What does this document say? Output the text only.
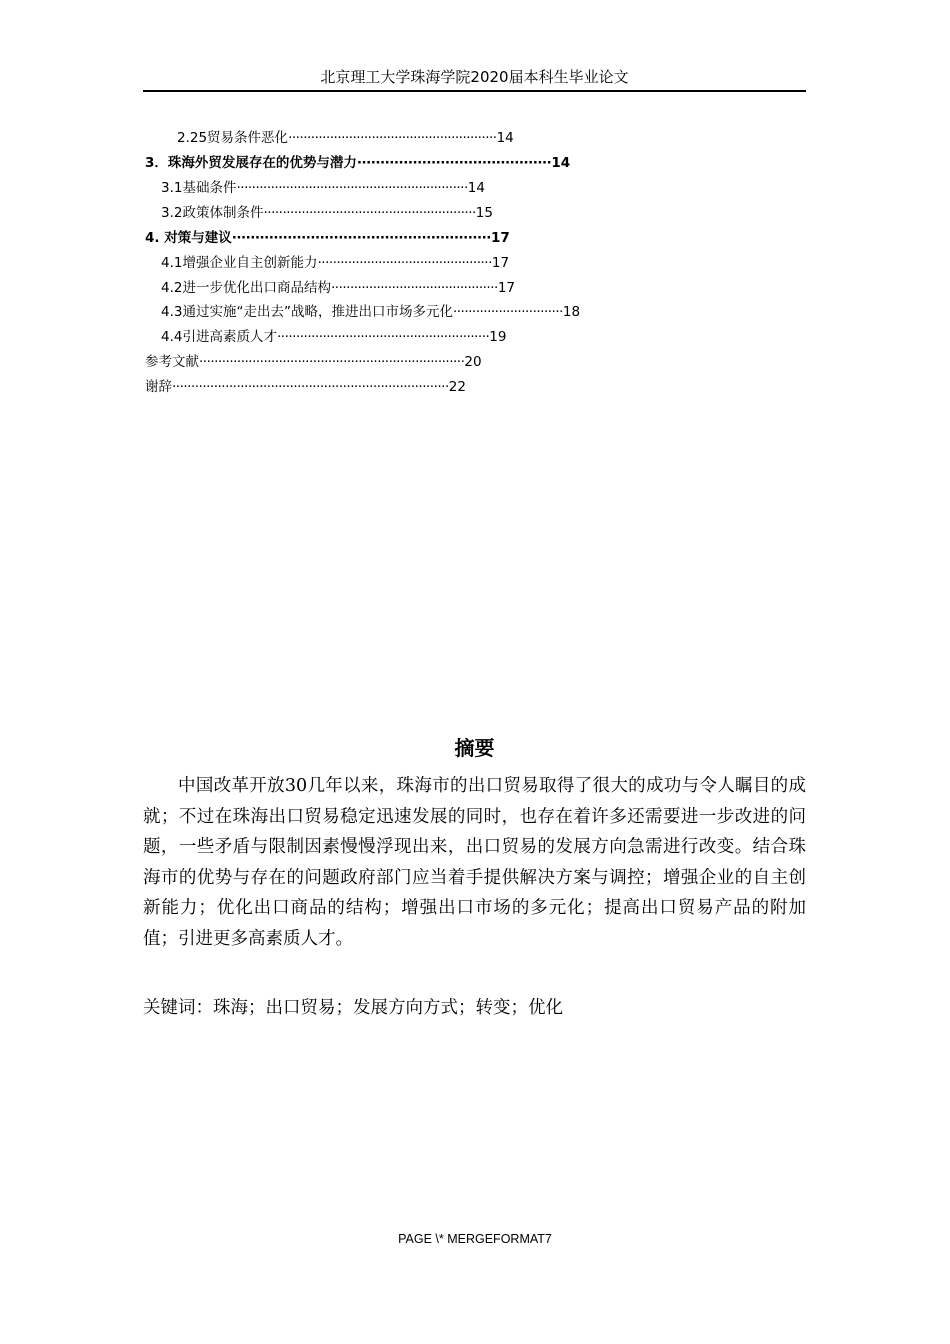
北京理工大学珠海学院2020届本科生毕业论文
2.25贸易条件恶化·······················································14
3．珠海外贸发展存在的优势与潜力··········································14
3.1基础条件·····························································14
3.2政策体制条件························································15
4. 对策与建议························································17
4.1增强企业自主创新能力··············································17
4.2进一步优化出口商品结构············································17
4.3通过实施“走出去”战略，推进出口市场多元化·····························18
4.4引进高素质人才························································19
参考文献······································································20
谢辞·········································································22
摘要

中国改革开放30几年以来，珠海市的出口贸易取得了很大的成功与令人瞩目的成就；不过在珠海出口贸易稳定迅速发展的同时，也存在着许多还需要进一步改进的问题，一些矛盾与限制因素慢慢浮现出来，出口贸易的发展方向急需进行改变。结合珠海市的优势与存在的问题政府部门应当着手提供解决方案与调控；增强企业的自主创新能力；优化出口商品的结构；增强出口市场的多元化；提高出口贸易产品的附加值；引进更多高素质人才。

关键词：珠海；出口贸易；发展方向方式；转变；优化
PAGE \* MERGEFORMAT7
